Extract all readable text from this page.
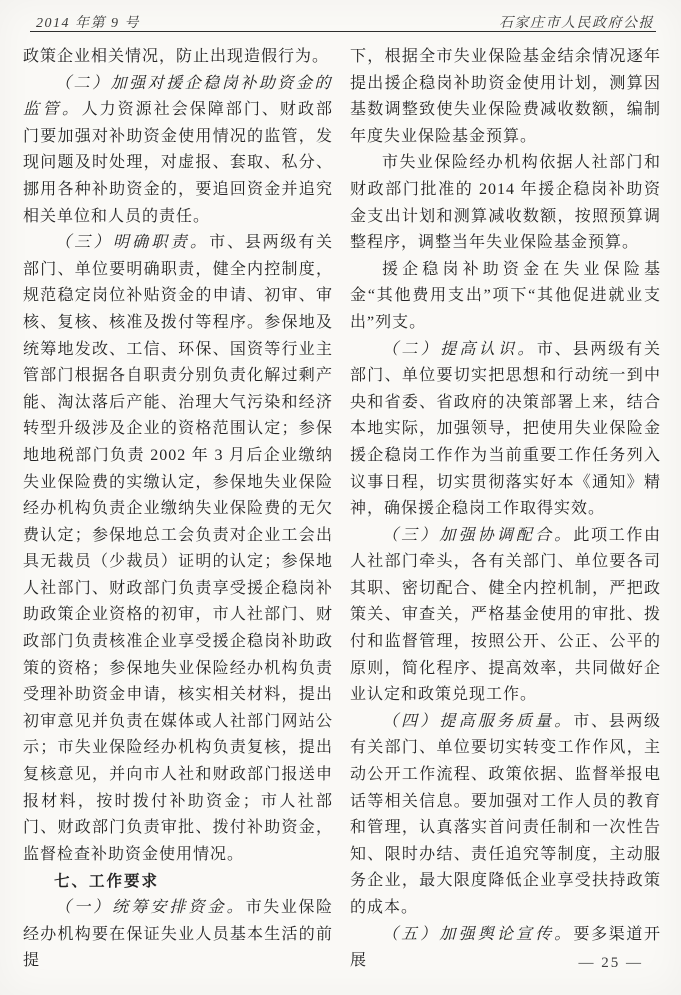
2014 年第 9 号	石家庄市人民政府公报

政策企业相关情况，防止出现造假行为。

（二）加强对援企稳岗补助资金的监管。人力资源社会保障部门、财政部门要加强对补助资金使用情况的监管，发现问题及时处理，对虚报、套取、私分、挪用各种补助资金的，要追回资金并追究相关单位和人员的责任。

（三）明确职责。市、县两级有关部门、单位要明确职责，健全内控制度，规范稳定岗位补贴资金的申请、初审、审核、复核、核准及拨付等程序。参保地及统筹地发改、工信、环保、国资等行业主管部门根据各自职责分别负责化解过剩产能、淘汰落后产能、治理大气污染和经济转型升级涉及企业的资格范围认定；参保地地税部门负责 2002 年 3 月后企业缴纳失业保险费的实缴认定，参保地失业保险经办机构负责企业缴纳失业保险费的无欠费认定；参保地总工会负责对企业工会出具无裁员（少裁员）证明的认定；参保地人社部门、财政部门负责享受援企稳岗补助政策企业资格的初审，市人社部门、财政部门负责核准企业享受援企稳岗补助政策的资格；参保地失业保险经办机构负责受理补助资金申请，核实相关材料，提出初审意见并负责在媒体或人社部门网站公示；市失业保险经办机构负责复核，提出复核意见，并向市人社和财政部门报送申报材料，按时拨付补助资金；市人社部门、财政部门负责审批、拨付补助资金，监督检查补助资金使用情况。

七、工作要求

（一）统筹安排资金。市失业保险经办机构要在保证失业人员基本生活的前提

下，根据全市失业保险基金结余情况逐年提出援企稳岗补助资金使用计划，测算因基数调整致使失业保险费减收数额，编制年度失业保险基金预算。

市失业保险经办机构依据人社部门和财政部门批准的 2014 年援企稳岗补助资金支出计划和测算减收数额，按照预算调整程序，调整当年失业保险基金预算。

援企稳岗补助资金在失业保险基金“其他费用支出”项下“其他促进就业支出”列支。

（二）提高认识。市、县两级有关部门、单位要切实把思想和行动统一到中央和省委、省政府的决策部署上来，结合本地实际，加强领导，把使用失业保险金援企稳岗工作作为当前重要工作任务列入议事日程，切实贯彻落实好本《通知》精神，确保援企稳岗工作取得实效。

（三）加强协调配合。此项工作由人社部门牵头，各有关部门、单位要各司其职、密切配合、健全内控机制，严把政策关、审查关，严格基金使用的审批、拨付和监督管理，按照公开、公正、公平的原则，简化程序、提高效率，共同做好企业认定和政策兑现工作。

（四）提高服务质量。市、县两级有关部门、单位要切实转变工作作风，主动公开工作流程、政策依据、监督举报电话等相关信息。要加强对工作人员的教育和管理，认真落实首问责任制和一次性告知、限时办结、责任追究等制度，主动服务企业，最大限度降低企业享受扶持政策的成本。

（五）加强舆论宣传。要多渠道开展	— 25 —
